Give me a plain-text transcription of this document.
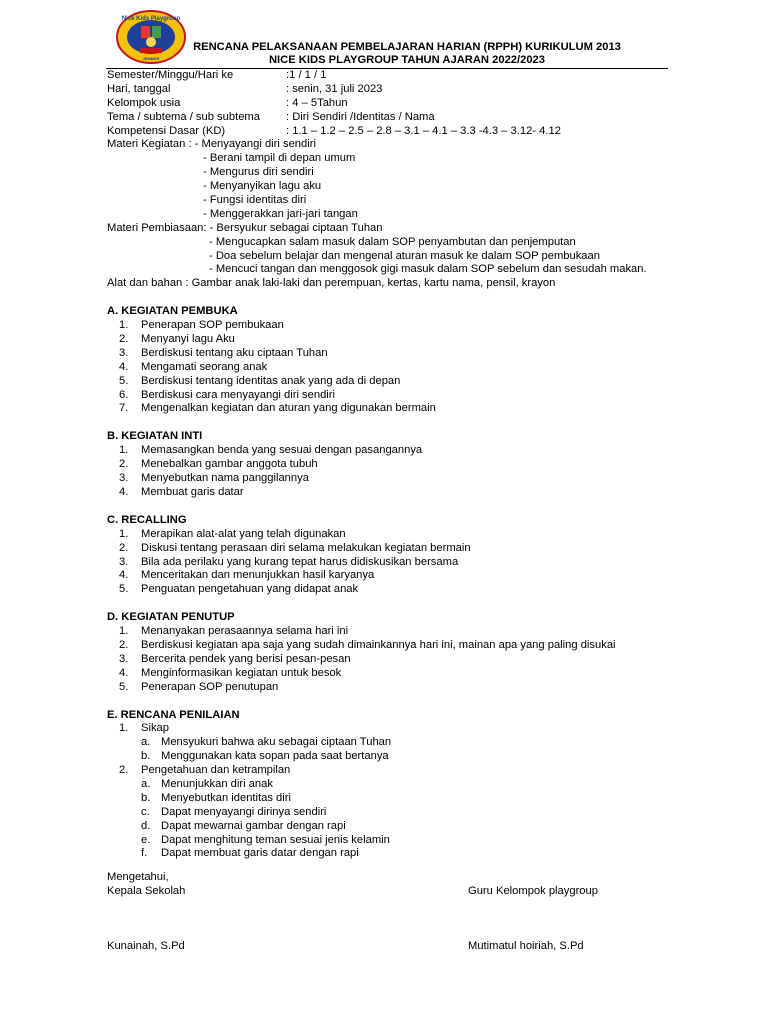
Nice Kids Playgroup
JEMBER
RENCANA PELAKSANAAN PEMBELAJARAN HARIAN (RPPH) KURIKULUM 2013
NICE KIDS PLAYGROUP TAHUN AJARAN 2022/2023
Semester/Minggu/Hari ke	:1 / 1 / 1
Hari, tanggal	: senin, 31 juli 2023
Kelompok usia	: 4 – 5Tahun
Tema / subtema / sub subtema : Diri Sendiri /Identitas / Nama
Kompetensi Dasar (KD)	: 1.1 – 1.2 – 2.5 – 2.8 – 3.1 – 4.1 – 3.3 -4.3 – 3.12- 4.12
Materi Kegiatan : - Menyayangi diri sendiri
- Berani tampil di depan umum
- Mengurus diri sendiri
- Menyanyikan lagu aku
- Fungsi identitas diri
- Menggerakkan jari-jari tangan
Materi Pembiasaan: - Bersyukur sebagai ciptaan Tuhan
- Mengucapkan salam masuk dalam SOP penyambutan dan penjemputan
- Doa sebelum belajar dan mengenal aturan masuk ke dalam SOP pembukaan
- Mencuci tangan dan menggosok gigi masuk dalam SOP sebelum dan sesudah makan.
Alat dan bahan : Gambar anak laki-laki dan perempuan, kertas, kartu nama, pensil, krayon
A. KEGIATAN PEMBUKA
1.	Penerapan SOP pembukaan
2.	Menyanyi lagu Aku
3.	Berdiskusi tentang aku ciptaan Tuhan
4.	Mengamati seorang anak
5.	Berdiskusi tentang identitas anak yang ada di depan
6.	Berdiskusi cara menyayangi diri sendiri
7.	Mengenalkan kegiatan dan aturan yang digunakan bermain
B. KEGIATAN INTI
1.	Memasangkan benda yang sesuai dengan pasangannya
2.	Menebalkan gambar anggota tubuh
3.	Menyebutkan nama panggilannya
4.	Membuat garis datar
C. RECALLING
1.	Merapikan alat-alat yang telah digunakan
2.	Diskusi tentang perasaan diri selama melakukan kegiatan bermain
3.	Bila ada perilaku yang kurang tepat harus didiskusikan bersama
4.	Menceritakan dan menunjukkan hasil karyanya
5.	Penguatan pengetahuan yang didapat anak
D. KEGIATAN PENUTUP
1.	Menanyakan perasaannya selama hari ini
2.	Berdiskusi kegiatan apa saja yang sudah dimainkannya hari ini, mainan apa yang paling disukai
3.	Bercerita pendek yang berisi pesan-pesan
4.	Menginformasikan kegiatan untuk besok
5.	Penerapan SOP penutupan
E. RENCANA PENILAIAN
1.	Sikap
a. Mensyukuri bahwa aku sebagai ciptaan Tuhan
b. Menggunakan kata sopan pada saat bertanya
2.	Pengetahuan dan ketrampilan
a. Menunjukkan diri anak
b. Menyebutkan identitas diri
c. Dapat menyayangi dirinya sendiri
d. Dapat mewarnai gambar dengan rapi
e. Dapat menghitung teman sesuai jenis kelamin
f. Dapat membuat garis datar dengan rapi
Mengetahui,
Kepala Sekolah	Guru Kelompok playgroup
Kunainah, S.Pd	Mutimatul hoiriah, S.Pd
